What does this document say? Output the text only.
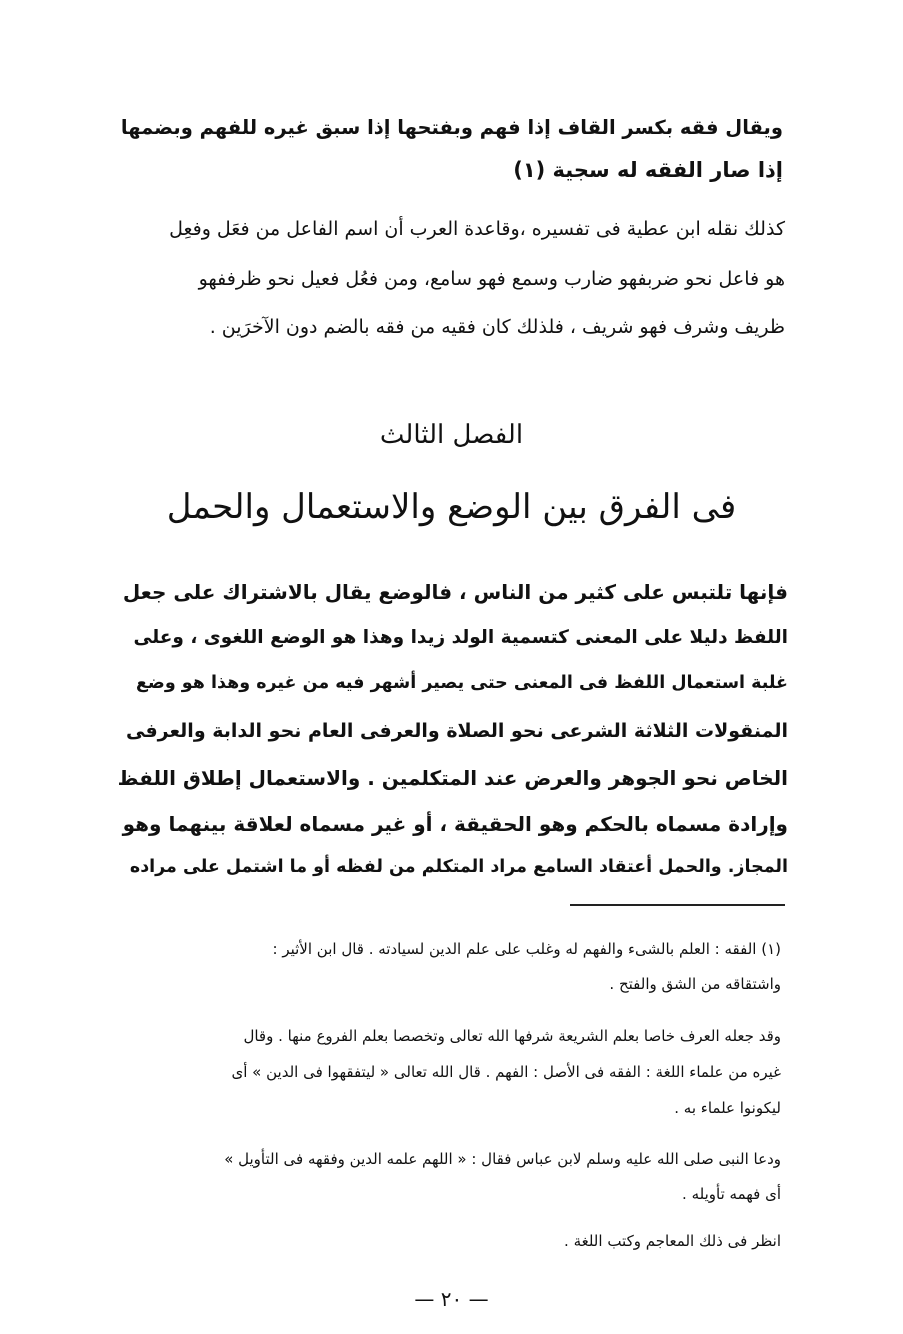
ويقال فقه بكسر القاف إذا فهم وبفتحها إذا سبق غيره للفهم وبضمها
إذا صار الفقه له سجية (١)
كذلك نقله ابن عطية فى تفسيره ،وقاعدة العرب أن اسم الفاعل من فعَل وفعِل
هو فاعل نحو ضربفهو ضارب وسمع فهو سامع، ومن فعُل فعيل نحو ظرففهو
ظريف وشرف فهو شريف ، فلذلك كان فقيه من فقه بالضم دون الآخرَين .
الفصل الثالث
فى الفرق بين الوضع والاستعمال والحمل
فإنها تلتبس على كثير من الناس ، فالوضع يقال بالاشتراك على جعل
اللفظ دليلا على المعنى كتسمية الولد زيدا وهذا هو الوضع اللغوى ، وعلى
غلبة استعمال اللفظ فى المعنى حتى يصير أشهر فيه من غيره وهذا هو وضع
المنقولات الثلاثة الشرعى نحو الصلاة والعرفى العام نحو الدابة والعرفى
الخاص نحو الجوهر والعرض عند المتكلمين . والاستعمال إطلاق اللفظ
وإرادة مسماه بالحكم وهو الحقيقة ، أو غير مسماه لعلاقة بينهما وهو
المجاز. والحمل أعتقاد السامع مراد المتكلم من لفظه أو ما اشتمل على مراده
(١) الفقه : العلم بالشىء والفهم له وغلب على علم الدين لسيادته . قال ابن الأثير :
واشتقاقه من الشق والفتح .
وقد جعله العرف خاصا بعلم الشريعة شرفها الله تعالى وتخصصا بعلم الفروع منها . وقال
غيره من علماء اللغة : الفقه فى الأصل : الفهم . قال الله تعالى « ليتفقهوا فى الدين » أى
ليكونوا علماء به .
ودعا النبى صلى الله عليه وسلم لابن عباس فقال : « اللهم علمه الدين وفقهه فى التأويل »
أى فهمه تأويله .
انظر فى ذلك المعاجم وكتب اللغة .
— ٢٠ —
